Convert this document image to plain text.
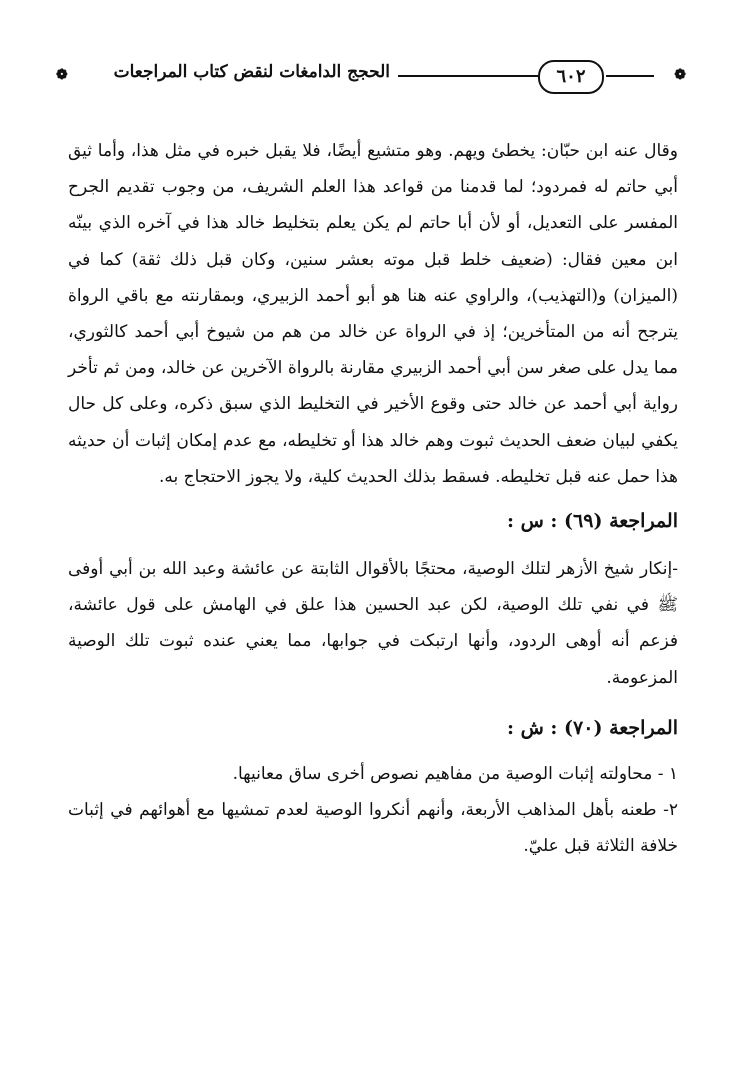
❁
٦٠٢
الحجج الدامغات لنقض كتاب المراجعات
❁

وقال عنه ابن حبّان: يخطئ ويهم. وهو متشيع أيضًا، فلا يقبل خبره في مثل هذا، وأما ثيق أبي حاتم له فمردود؛ لما قدمنا من قواعد هذا العلم الشريف، من وجوب تقديم الجرح المفسر على التعديل، أو لأن أبا حاتم لم يكن يعلم بتخليط خالد هذا في آخره الذي بينّه ابن معين فقال: (ضعيف خلط قبل موته بعشر سنين، وكان قبل ذلك ثقة) كما في (الميزان) و(التهذيب)، والراوي عنه هنا هو أبو أحمد الزبيري، وبمقارنته مع باقي الرواة يترجح أنه من المتأخرين؛ إذ في الرواة عن خالد من هم من شيوخ أبي أحمد كالثوري، مما يدل على صغر سن أبي أحمد الزبيري مقارنة بالرواة الآخرين عن خالد، ومن ثم تأخر رواية أبي أحمد عن خالد حتى وقوع الأخير في التخليط الذي سبق ذكره، وعلى كل حال يكفي لبيان ضعف الحديث ثبوت وهم خالد هذا أو تخليطه، مع عدم إمكان إثبات أن حديثه هذا حمل عنه قبل تخليطه. فسقط بذلك الحديث كلية، ولا يجوز الاحتجاج به.

المراجعة (٦٩) : س :

-إنكار شيخ الأزهر لتلك الوصية، محتجًا بالأقوال الثابتة عن عائشة وعبد الله بن أبي أوفى ﷺ في نفي تلك الوصية، لكن عبد الحسين هذا علق في الهامش على قول عائشة، فزعم أنه أوهى الردود، وأنها ارتبكت في جوابها، مما يعني عنده ثبوت تلك الوصية المزعومة.

المراجعة (٧٠) : ش :

١ - محاولته إثبات الوصية من مفاهيم نصوص أخرى ساق معانيها.

٢- طعنه بأهل المذاهب الأربعة، وأنهم أنكروا الوصية لعدم تمشيها مع أهوائهم في إثبات خلافة الثلاثة قبل عليّ.
